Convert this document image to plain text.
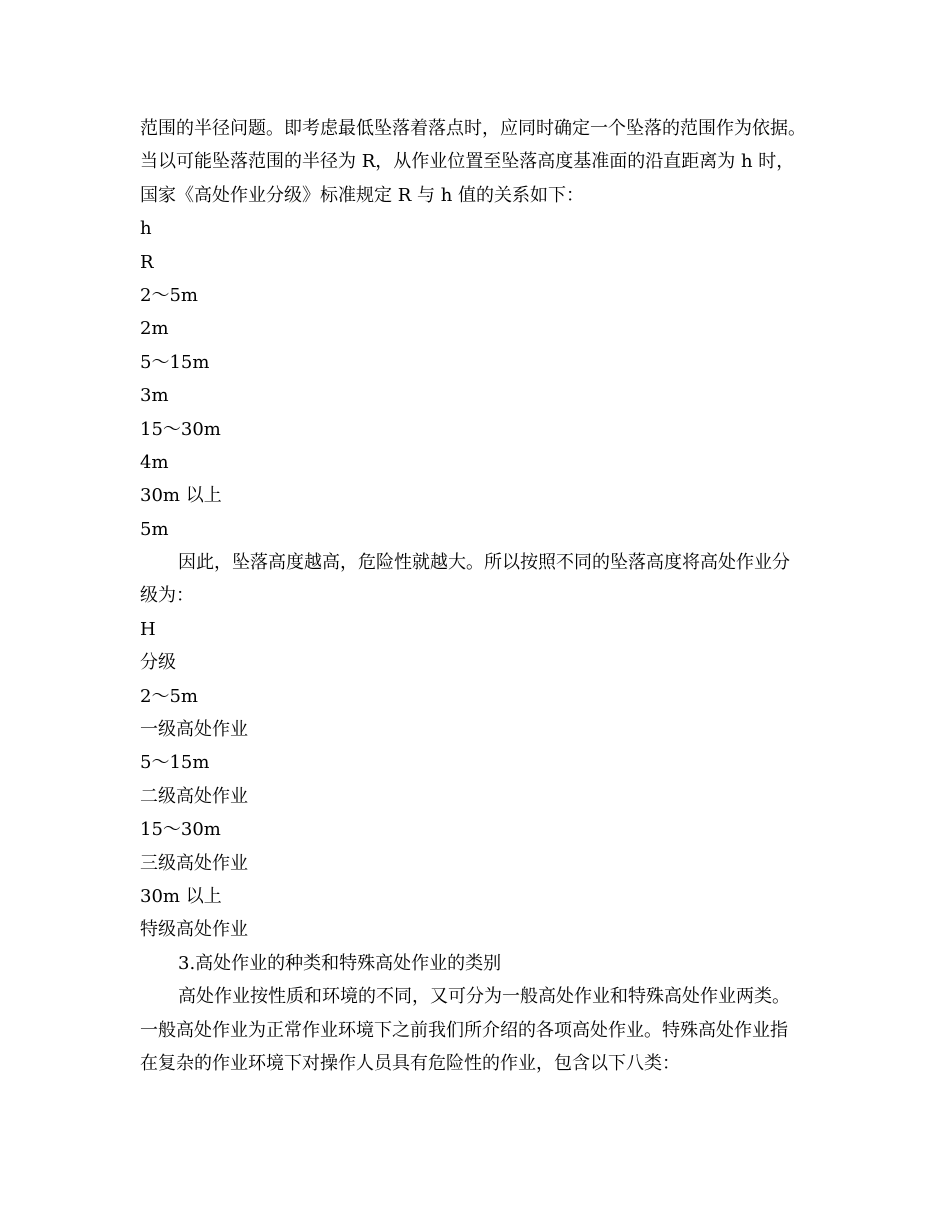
范围的半径问题。即考虑最低坠落着落点时，应同时确定一个坠落的范围作为依据。

当以可能坠落范围的半径为 R，从作业位置至坠落高度基准面的沿直距离为 h 时，

国家《高处作业分级》标准规定 R 与 h 值的关系如下：

h

R

2～5m

2m

5～15m

3m

15～30m

4m

30m 以上

5m

因此，坠落高度越高，危险性就越大。所以按照不同的坠落高度将高处作业分

级为：

H

分级

2～5m

一级高处作业

5～15m

二级高处作业

15～30m

三级高处作业

30m 以上

特级高处作业

3.高处作业的种类和特殊高处作业的类别

高处作业按性质和环境的不同，又可分为一般高处作业和特殊高处作业两类。

一般高处作业为正常作业环境下之前我们所介绍的各项高处作业。特殊高处作业指

在复杂的作业环境下对操作人员具有危险性的作业，包含以下八类：
